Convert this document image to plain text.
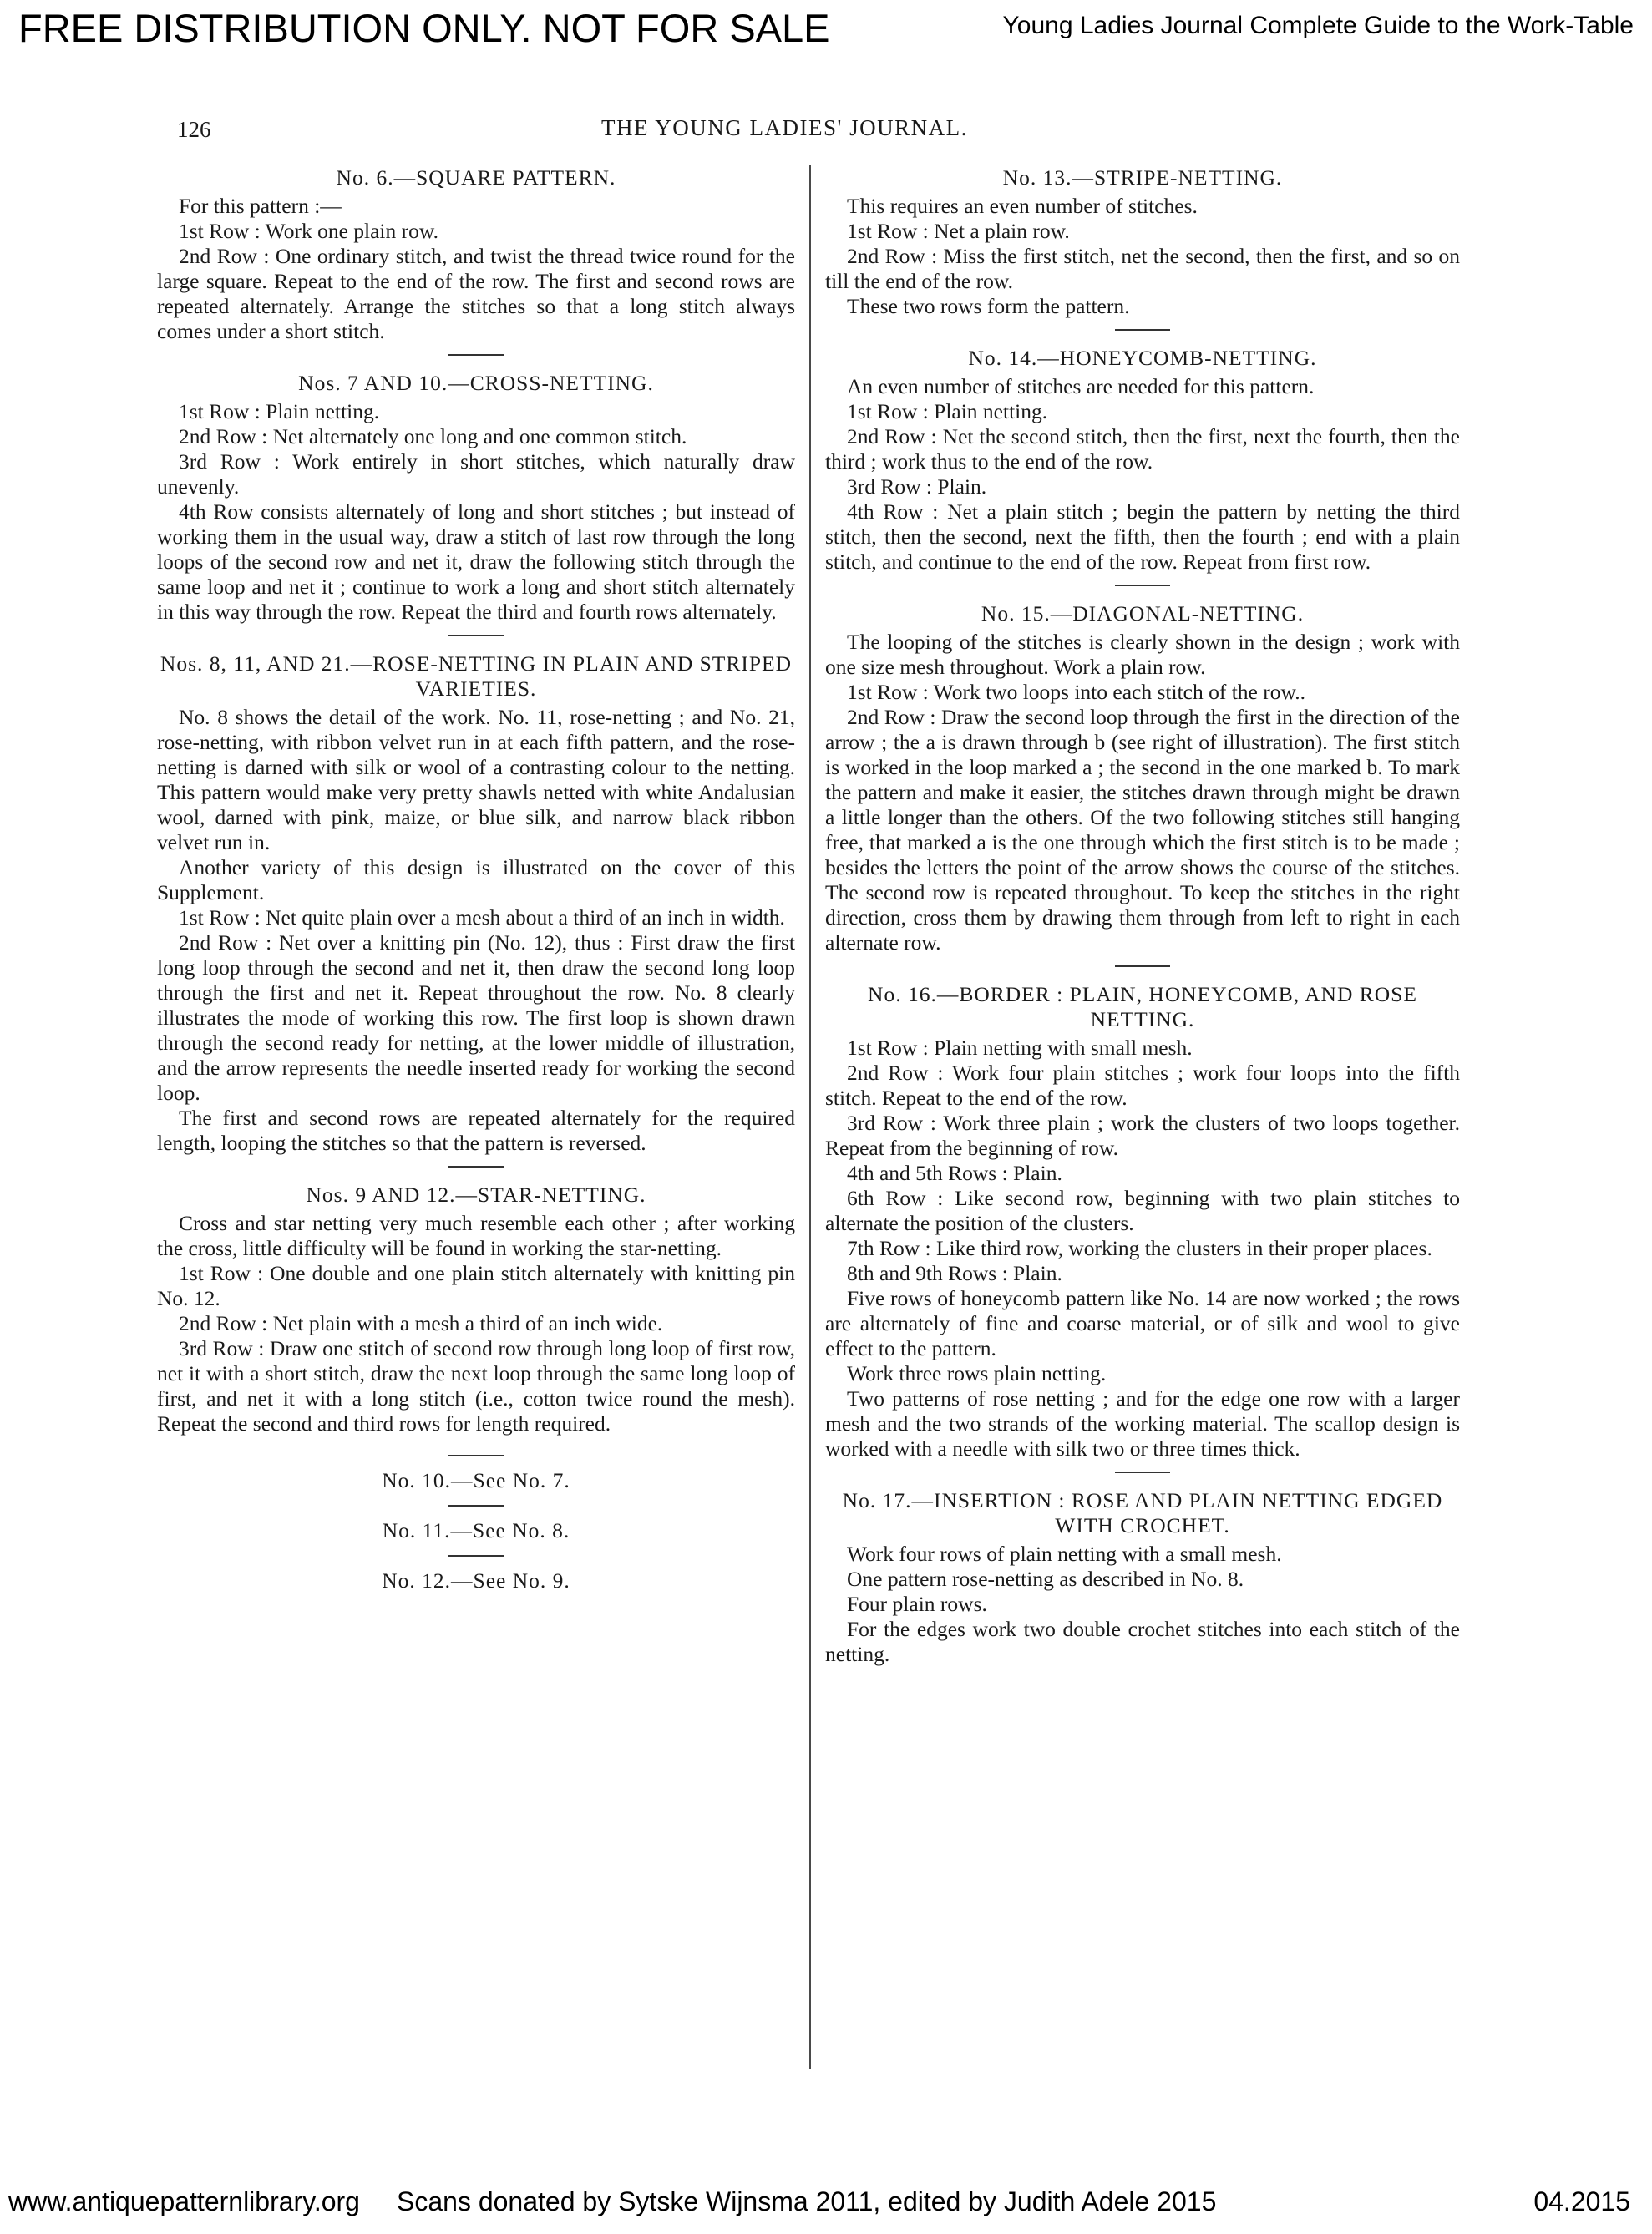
FREE DISTRIBUTION ONLY. NOT FOR SALE	Young Ladies Journal Complete Guide to the Work-Table
126	THE YOUNG LADIES' JOURNAL.
No. 6.—SQUARE PATTERN.

For this pattern :—

1st Row : Work one plain row.

2nd Row : One ordinary stitch, and twist the thread twice round for the large square. Repeat to the end of the row. The first and second rows are repeated alternately. Arrange the stitches so that a long stitch always comes under a short stitch.

Nos. 7 AND 10.—CROSS-NETTING.

1st Row : Plain netting.

2nd Row : Net alternately one long and one common stitch.

3rd Row : Work entirely in short stitches, which naturally draw unevenly.

4th Row consists alternately of long and short stitches ; but instead of working them in the usual way, draw a stitch of last row through the long loops of the second row and net it, draw the following stitch through the same loop and net it ; continue to work a long and short stitch alternately in this way through the row. Repeat the third and fourth rows alternately.

Nos. 8, 11, AND 21.—ROSE-NETTING IN PLAIN AND STRIPED VARIETIES.

No. 8 shows the detail of the work. No. 11, rose-netting ; and No. 21, rose-netting, with ribbon velvet run in at each fifth pattern, and the rose-netting is darned with silk or wool of a contrasting colour to the netting. This pattern would make very pretty shawls netted with white Andalusian wool, darned with pink, maize, or blue silk, and narrow black ribbon velvet run in.

Another variety of this design is illustrated on the cover of this Supplement.

1st Row : Net quite plain over a mesh about a third of an inch in width.

2nd Row : Net over a knitting pin (No. 12), thus : First draw the first long loop through the second and net it, then draw the second long loop through the first and net it. Repeat throughout the row. No. 8 clearly illustrates the mode of working this row. The first loop is shown drawn through the second ready for netting, at the lower middle of illustration, and the arrow represents the needle inserted ready for working the second loop.

The first and second rows are repeated alternately for the required length, looping the stitches so that the pattern is reversed.

Nos. 9 AND 12.—STAR-NETTING.

Cross and star netting very much resemble each other ; after working the cross, little difficulty will be found in working the star-netting.

1st Row : One double and one plain stitch alternately with knitting pin No. 12.

2nd Row : Net plain with a mesh a third of an inch wide.

3rd Row : Draw one stitch of second row through long loop of first row, net it with a short stitch, draw the next loop through the same long loop of first, and net it with a long stitch (i.e., cotton twice round the mesh). Repeat the second and third rows for length required.

No. 10.—See No. 7.
No. 11.—See No. 8.
No. 12.—See No. 9.
No. 13.—STRIPE-NETTING.

This requires an even number of stitches.

1st Row : Net a plain row.

2nd Row : Miss the first stitch, net the second, then the first, and so on till the end of the row.

These two rows form the pattern.

No. 14.—HONEYCOMB-NETTING.

An even number of stitches are needed for this pattern.

1st Row : Plain netting.

2nd Row : Net the second stitch, then the first, next the fourth, then the third ; work thus to the end of the row.

3rd Row : Plain.

4th Row : Net a plain stitch ; begin the pattern by netting the third stitch, then the second, next the fifth, then the fourth ; end with a plain stitch, and continue to the end of the row. Repeat from first row.

No. 15.—DIAGONAL-NETTING.

The looping of the stitches is clearly shown in the design ; work with one size mesh throughout. Work a plain row.

1st Row : Work two loops into each stitch of the row..

2nd Row : Draw the second loop through the first in the direction of the arrow ; the a is drawn through b (see right of illustration). The first stitch is worked in the loop marked a ; the second in the one marked b. To mark the pattern and make it easier, the stitches drawn through might be drawn a little longer than the others. Of the two following stitches still hanging free, that marked a is the one through which the first stitch is to be made ; besides the letters the point of the arrow shows the course of the stitches. The second row is repeated throughout. To keep the stitches in the right direction, cross them by drawing them through from left to right in each alternate row.

No. 16.—BORDER : PLAIN, HONEYCOMB, AND ROSE NETTING.

1st Row : Plain netting with small mesh.

2nd Row : Work four plain stitches ; work four loops into the fifth stitch. Repeat to the end of the row.

3rd Row : Work three plain ; work the clusters of two loops together. Repeat from the beginning of row.

4th and 5th Rows : Plain.

6th Row : Like second row, beginning with two plain stitches to alternate the position of the clusters.

7th Row : Like third row, working the clusters in their proper places.

8th and 9th Rows : Plain.

Five rows of honeycomb pattern like No. 14 are now worked ; the rows are alternately of fine and coarse material, or of silk and wool to give effect to the pattern.

Work three rows plain netting.

Two patterns of rose netting ; and for the edge one row with a larger mesh and the two strands of the working material. The scallop design is worked with a needle with silk two or three times thick.

No. 17.—INSERTION : ROSE AND PLAIN NETTING EDGED WITH CROCHET.

Work four rows of plain netting with a small mesh.

One pattern rose-netting as described in No. 8.

Four plain rows.

For the edges work two double crochet stitches into each stitch of the netting.

www.antiquepatternlibrary.org Scans donated by Sytske Wijnsma 2011, edited by Judith Adele 2015	04.2015
